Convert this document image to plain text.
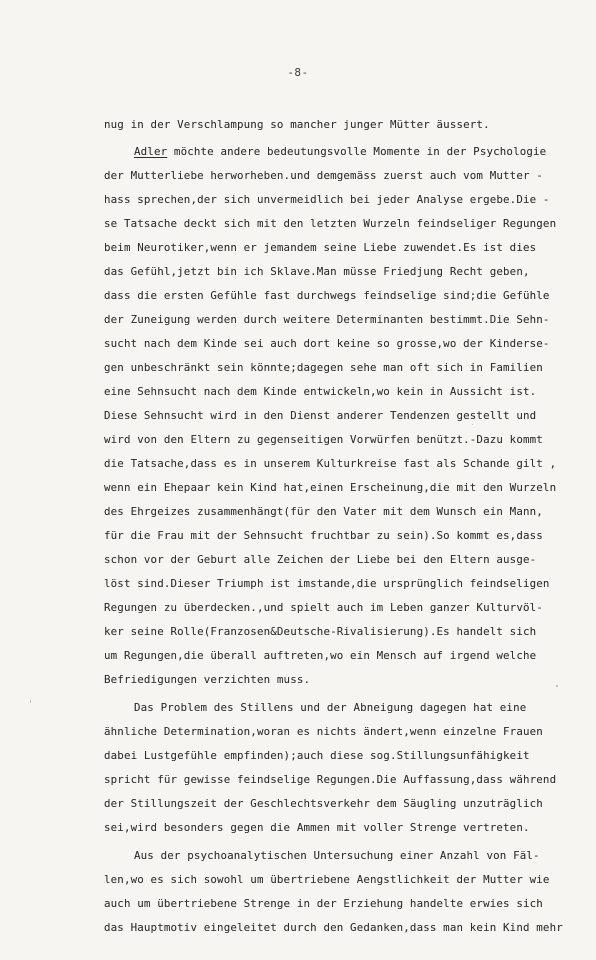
-8-
nug in der Verschlampung so mancher junger Mütter äussert.
Adler möchte andere bedeutungsvolle Momente in der Psychologie
der Mutterliebe herworheben.und demgemäss zuerst auch vom Mutter -
hass sprechen,der sich unvermeidlich bei jeder Analyse ergebe.Die -
se Tatsache deckt sich mit den letzten Wurzeln feindseliger Regungen
beim Neurotiker,wenn er jemandem seine Liebe zuwendet.Es ist dies
das Gefühl,jetzt bin ich Sklave.Man müsse Friedjung Recht geben,
dass die ersten Gefühle fast durchwegs feindselige sind;die Gefühle
der Zuneigung werden durch weitere Determinanten bestimmt.Die Sehn-
sucht nach dem Kinde sei auch dort keine so grosse,wo der Kinderse-
gen unbeschränkt sein könnte;dagegen sehe man oft sich in Familien
eine Sehnsucht nach dem Kinde entwickeln,wo kein in Aussicht ist.
Diese Sehnsucht wird in den Dienst anderer Tendenzen gestellt und
wird von den Eltern zu gegenseitigen Vorwürfen benützt.-Dazu kommt
die Tatsache,dass es in unserem Kulturkreise fast als Schande gilt ,
wenn ein Ehepaar kein Kind hat,einen Erscheinung,die mit den Wurzeln
des Ehrgeizes zusammenhängt(für den Vater mit dem Wunsch ein Mann,
für die Frau mit der Sehnsucht fruchtbar zu sein).So kommt es,dass
schon vor der Geburt alle Zeichen der Liebe bei den Eltern ausge-
löst sind.Dieser Triumph ist imstande,die ursprünglich feindseligen
Regungen zu überdecken.,und spielt auch im Leben ganzer Kulturvöl-
ker seine Rolle(Franzosen&Deutsche-Rivalisierung).Es handelt sich
um Regungen,die überall auftreten,wo ein Mensch auf irgend welche
Befriedigungen verzichten muss.
Das Problem des Stillens und der Abneigung dagegen hat eine
ähnliche Determination,woran es nichts ändert,wenn einzelne Frauen
dabei Lustgefühle empfinden);auch diese sog.Stillungsunfähigkeit
spricht für gewisse feindselige Regungen.Die Auffassung,dass während
der Stillungszeit der Geschlechtsverkehr dem Säugling unzuträglich
sei,wird besonders gegen die Ammen mit voller Strenge vertreten.
Aus der psychoanalytischen Untersuchung einer Anzahl von Fäl-
len,wo es sich sowohl um übertriebene Aengstlichkeit der Mutter wie
auch um übertriebene Strenge in der Erziehung handelte erwies sich
das Hauptmotiv eingeleitet durch den Gedanken,dass man kein Kind mehr
